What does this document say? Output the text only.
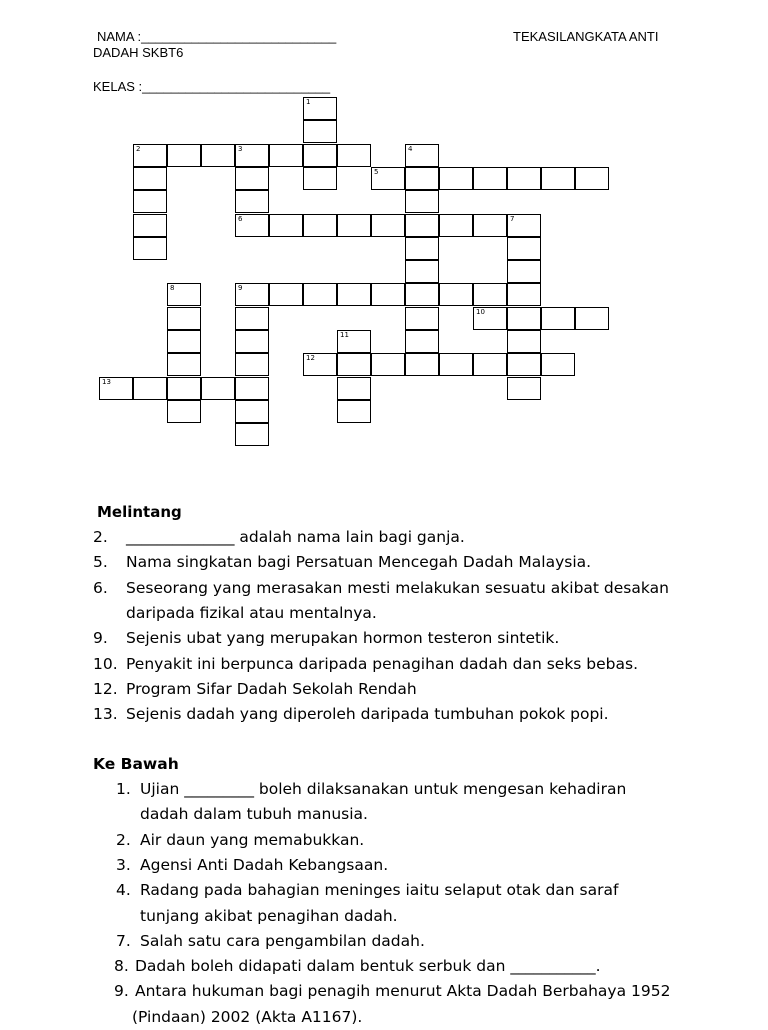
NAMA :___________________________	TEKASILANGKATA ANTI
DADAH SKBT6
KELAS :__________________________
1
2	3	4
5
6	7
8	9
10
11
12
13
Melintang
2. ______________ adalah nama lain bagi ganja.
5. Nama singkatan bagi Persatuan Mencegah Dadah Malaysia.
6. Seseorang yang merasakan mesti melakukan sesuatu akibat desakan
daripada fizikal atau mentalnya.
9. Sejenis ubat yang merupakan hormon testeron sintetik.
10. Penyakit ini berpunca daripada penagihan dadah dan seks bebas.
12. Program Sifar Dadah Sekolah Rendah
13. Sejenis dadah yang diperoleh daripada tumbuhan pokok popi.
Ke Bawah
1. Ujian _________ boleh dilaksanakan untuk mengesan kehadiran
dadah dalam tubuh manusia.
2. Air daun yang memabukkan.
3. Agensi Anti Dadah Kebangsaan.
4. Radang pada bahagian meninges iaitu selaput otak dan saraf
tunjang akibat penagihan dadah.
7. Salah satu cara pengambilan dadah.
8. Dadah boleh didapati dalam bentuk serbuk dan ___________.
9. Antara hukuman bagi penagih menurut Akta Dadah Berbahaya 1952
(Pindaan) 2002 (Akta A1167).
